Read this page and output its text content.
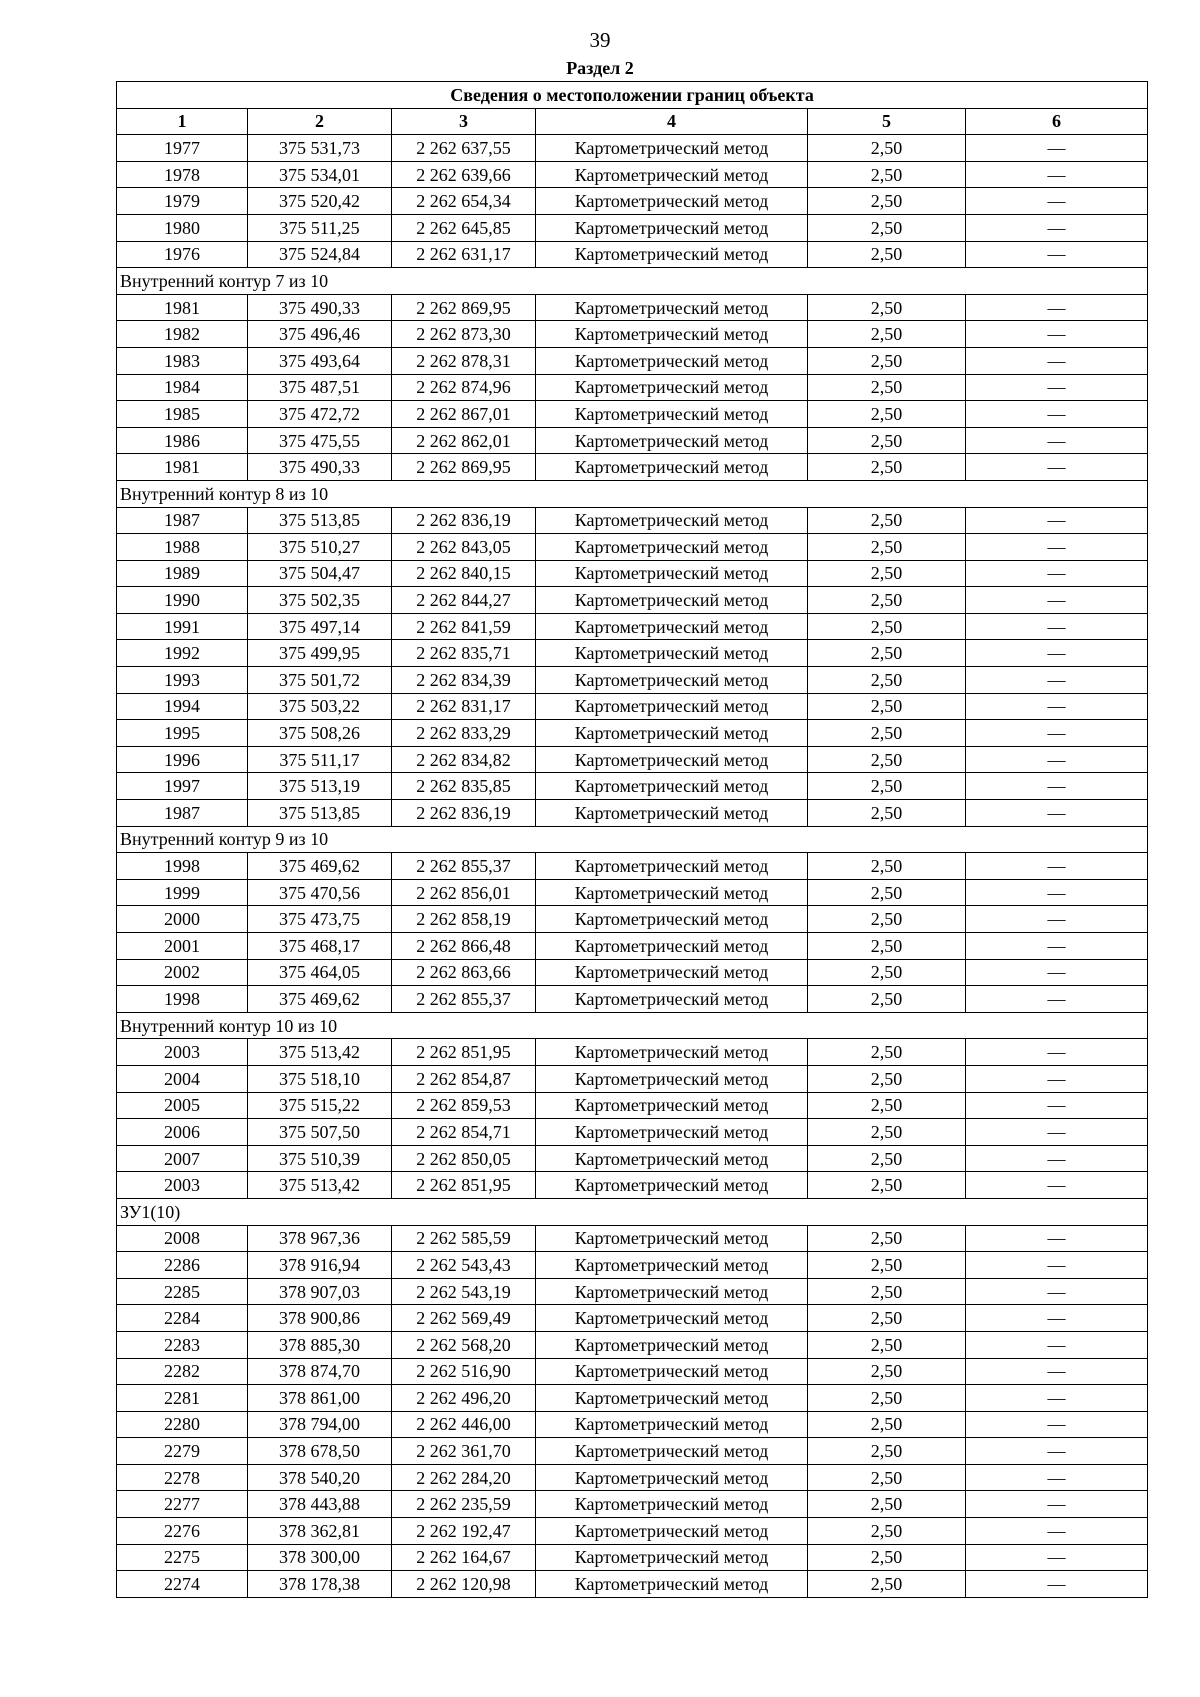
39
Раздел 2
Сведения о местоположении границ объекта					
1	2	3	4	5	6
1977	375 531,73	2 262 637,55	Картометрический метод	2,50	—
1978	375 534,01	2 262 639,66	Картометрический метод	2,50	—
1979	375 520,42	2 262 654,34	Картометрический метод	2,50	—
1980	375 511,25	2 262 645,85	Картометрический метод	2,50	—
1976	375 524,84	2 262 631,17	Картометрический метод	2,50	—
Внутренний контур 7 из 10					
1981	375 490,33	2 262 869,95	Картометрический метод	2,50	—
1982	375 496,46	2 262 873,30	Картометрический метод	2,50	—
1983	375 493,64	2 262 878,31	Картометрический метод	2,50	—
1984	375 487,51	2 262 874,96	Картометрический метод	2,50	—
1985	375 472,72	2 262 867,01	Картометрический метод	2,50	—
1986	375 475,55	2 262 862,01	Картометрический метод	2,50	—
1981	375 490,33	2 262 869,95	Картометрический метод	2,50	—
Внутренний контур 8 из 10					
1987	375 513,85	2 262 836,19	Картометрический метод	2,50	—
1988	375 510,27	2 262 843,05	Картометрический метод	2,50	—
1989	375 504,47	2 262 840,15	Картометрический метод	2,50	—
1990	375 502,35	2 262 844,27	Картометрический метод	2,50	—
1991	375 497,14	2 262 841,59	Картометрический метод	2,50	—
1992	375 499,95	2 262 835,71	Картометрический метод	2,50	—
1993	375 501,72	2 262 834,39	Картометрический метод	2,50	—
1994	375 503,22	2 262 831,17	Картометрический метод	2,50	—
1995	375 508,26	2 262 833,29	Картометрический метод	2,50	—
1996	375 511,17	2 262 834,82	Картометрический метод	2,50	—
1997	375 513,19	2 262 835,85	Картометрический метод	2,50	—
1987	375 513,85	2 262 836,19	Картометрический метод	2,50	—
Внутренний контур 9 из 10					
1998	375 469,62	2 262 855,37	Картометрический метод	2,50	—
1999	375 470,56	2 262 856,01	Картометрический метод	2,50	—
2000	375 473,75	2 262 858,19	Картометрический метод	2,50	—
2001	375 468,17	2 262 866,48	Картометрический метод	2,50	—
2002	375 464,05	2 262 863,66	Картометрический метод	2,50	—
1998	375 469,62	2 262 855,37	Картометрический метод	2,50	—
Внутренний контур 10 из 10					
2003	375 513,42	2 262 851,95	Картометрический метод	2,50	—
2004	375 518,10	2 262 854,87	Картометрический метод	2,50	—
2005	375 515,22	2 262 859,53	Картометрический метод	2,50	—
2006	375 507,50	2 262 854,71	Картометрический метод	2,50	—
2007	375 510,39	2 262 850,05	Картометрический метод	2,50	—
2003	375 513,42	2 262 851,95	Картометрический метод	2,50	—
ЗУ1(10)					
2008	378 967,36	2 262 585,59	Картометрический метод	2,50	—
2286	378 916,94	2 262 543,43	Картометрический метод	2,50	—
2285	378 907,03	2 262 543,19	Картометрический метод	2,50	—
2284	378 900,86	2 262 569,49	Картометрический метод	2,50	—
2283	378 885,30	2 262 568,20	Картометрический метод	2,50	—
2282	378 874,70	2 262 516,90	Картометрический метод	2,50	—
2281	378 861,00	2 262 496,20	Картометрический метод	2,50	—
2280	378 794,00	2 262 446,00	Картометрический метод	2,50	—
2279	378 678,50	2 262 361,70	Картометрический метод	2,50	—
2278	378 540,20	2 262 284,20	Картометрический метод	2,50	—
2277	378 443,88	2 262 235,59	Картометрический метод	2,50	—
2276	378 362,81	2 262 192,47	Картометрический метод	2,50	—
2275	378 300,00	2 262 164,67	Картометрический метод	2,50	—
2274	378 178,38	2 262 120,98	Картометрический метод	2,50	—
